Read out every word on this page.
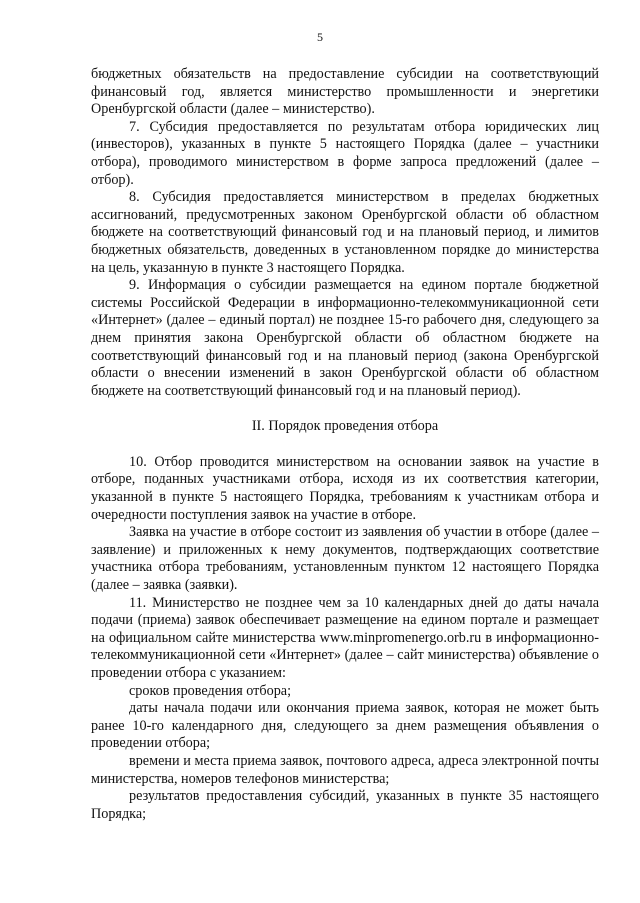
5

бюджетных обязательств на предоставление субсидии на соответствующий финансовый год, является министерство промышленности и энергетики Оренбургской области (далее – министерство).

7. Субсидия предоставляется по результатам отбора юридических лиц (инвесторов), указанных в пункте 5 настоящего Порядка (далее – участники отбора), проводимого министерством в форме запроса предложений (далее – отбор).

8. Субсидия предоставляется министерством в пределах бюджетных ассигнований, предусмотренных законом Оренбургской области об областном бюджете на соответствующий финансовый год и на плановый период, и лимитов бюджетных обязательств, доведенных в установленном порядке до министерства на цель, указанную в пункте 3 настоящего Порядка.

9. Информация о субсидии размещается на едином портале бюджетной системы Российской Федерации в информационно-телекоммуникационной сети «Интернет» (далее – единый портал) не позднее 15-го рабочего дня, следующего за днем принятия закона Оренбургской области об областном бюджете на соответствующий финансовый год и на плановый период (закона Оренбургской области о внесении изменений в закон Оренбургской области об областном бюджете на соответствующий финансовый год и на плановый период).

II. Порядок проведения отбора

10. Отбор проводится министерством на основании заявок на участие в отборе, поданных участниками отбора, исходя из их соответствия категории, указанной в пункте 5 настоящего Порядка, требованиям к участникам отбора и очередности поступления заявок на участие в отборе.

Заявка на участие в отборе состоит из заявления об участии в отборе (далее – заявление) и приложенных к нему документов, подтверждающих соответствие участника отбора требованиям, установленным пунктом 12 настоящего Порядка (далее – заявка (заявки).

11. Министерство не позднее чем за 10 календарных дней до даты начала подачи (приема) заявок обеспечивает размещение на едином портале и размещает на официальном сайте министерства www.minpromenergo.orb.ru в информационно-телекоммуникационной сети «Интернет» (далее – сайт министерства) объявление о проведении отбора с указанием:

сроков проведения отбора;

даты начала подачи или окончания приема заявок, которая не может быть ранее 10-го календарного дня, следующего за днем размещения объявления о проведении отбора;

времени и места приема заявок, почтового адреса, адреса электронной почты министерства, номеров телефонов министерства;

результатов предоставления субсидий, указанных в пункте 35 настоящего Порядка;
